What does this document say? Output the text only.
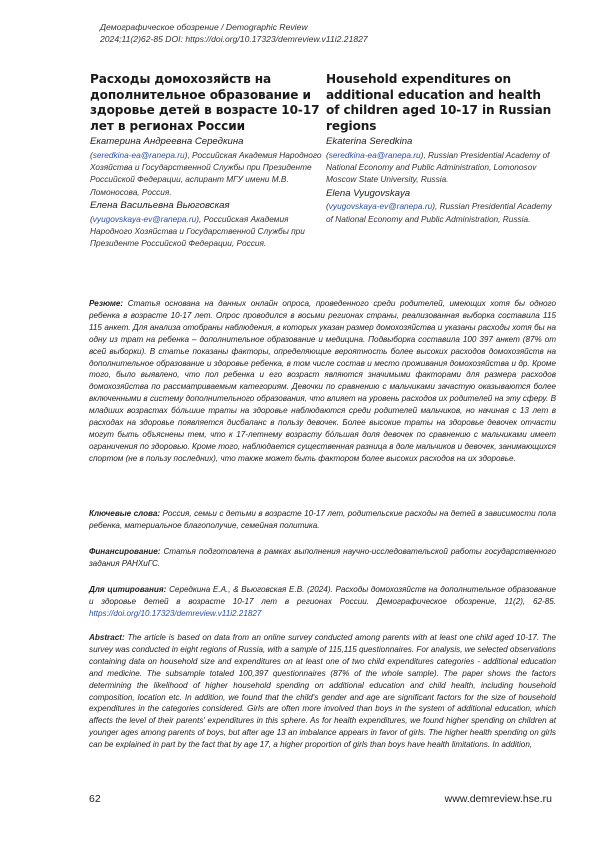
Демографическое обозрение / Demographic Review
2024;11(2)62-85 DOI: https://doi.org/10.17323/demreview.v11i2.21827
Расходы домохозяйств на дополнительное образование и здоровье детей в возрасте 10-17 лет в регионах России
Екатерина Андреевна Середкина
(seredkina-ea@ranepa.ru), Российская Академия Народного Хозяйства и Государственной Службы при Президенте Российской Федерации, аспирант МГУ имени М.В. Ломоносова, Россия.
Елена Васильевна Вьюговская
(vyugovskaya-ev@ranepa.ru), Российская Академия Народного Хозяйства и Государственной Службы при Президенте Российской Федерации, Россия.
Household expenditures on additional education and health of children aged 10-17 in Russian regions
Ekaterina Seredkina
(seredkina-ea@ranepa.ru), Russian Presidential Academy of National Economy and Public Administration, Lomonosov Moscow State University, Russia.
Elena Vyugovskaya
(vyugovskaya-ev@ranepa.ru), Russian Presidential Academy of National Economy and Public Administration, Russia.
Резюме: Статья основана на данных онлайн опроса, проведенного среди родителей, имеющих хотя бы одного ребенка в возрасте 10-17 лет. Опрос проводился в восьми регионах страны, реализованная выборка составила 115 115 анкет. Для анализа отобраны наблюдения, в которых указан размер домохозяйства и указаны расходы хотя бы на одну из трат на ребенка – дополнительное образование и медицина. Подвыборка составила 100 397 анкет (87% от всей выборки). В статье показаны факторы, определяющие вероятность более высоких расходов домохозяйств на дополнительное образование и здоровье ребенка, в том числе состав и место проживания домохозяйства и др. Кроме того, было выявлено, что пол ребенка и его возраст являются значимыми факторами для размера расходов домохозяйства по рассматриваемым категориям. Девочки по сравнению с мальчиками зачастую оказываются более включенными в систему дополнительного образования, что влияет на уровень расходов их родителей на эту сферу. В младших возрастах бо́льшие траты на здоровье наблюдаются среди родителей мальчиков, но начиная с 13 лет в расходах на здоровье появляется дисбаланс в пользу девочек. Более высокие траты на здоровье девочек отчасти могут быть объяснены тем, что к 17-летнему возрасту бо́льшая доля девочек по сравнению с мальчиками имеет ограничения по здоровью. Кроме того, наблюдается существенная разница в доле мальчиков и девочек, занимающихся спортом (не в пользу последних), что также может быть фактором более высоких расходов на их здоровье.
Ключевые слова: Россия, семьи с детьми в возрасте 10-17 лет, родительские расходы на детей в зависимости пола ребенка, материальное благополучие, семейная политика.
Финансирование: Статья подготовлена в рамках выполнения научно-исследовательской работы государственного задания РАНХиГС.
Для цитирования: Середкина Е.А., & Вьюговская Е.В. (2024). Расходы домохозяйств на дополнительное образование и здоровье детей в возрасте 10-17 лет в регионах России. Демографическое обозрение, 11(2), 62-85. https://doi.org/10.17323/demreview.v11i2.21827
Abstract: The article is based on data from an online survey conducted among parents with at least one child aged 10-17. The survey was conducted in eight regions of Russia, with a sample of 115,115 questionnaires. For analysis, we selected observations containing data on household size and expenditures on at least one of two child expenditures categories - additional education and medicine. The subsample totaled 100,397 questionnaires (87% of the whole sample). The paper shows the factors determining the likelihood of higher household spending on additional education and child health, including household composition, location etc. In addition, we found that the child's gender and age are significant factors for the size of household expenditures in the categories considered. Girls are often more involved than boys in the system of additional education, which affects the level of their parents' expenditures in this sphere. As for health expenditures, we found higher spending on children at younger ages among parents of boys, but after age 13 an imbalance appears in favor of girls. The higher health spending on girls can be explained in part by the fact that by age 17, a higher proportion of girls than boys have health limitations. In addition,
62	www.demreview.hse.ru
